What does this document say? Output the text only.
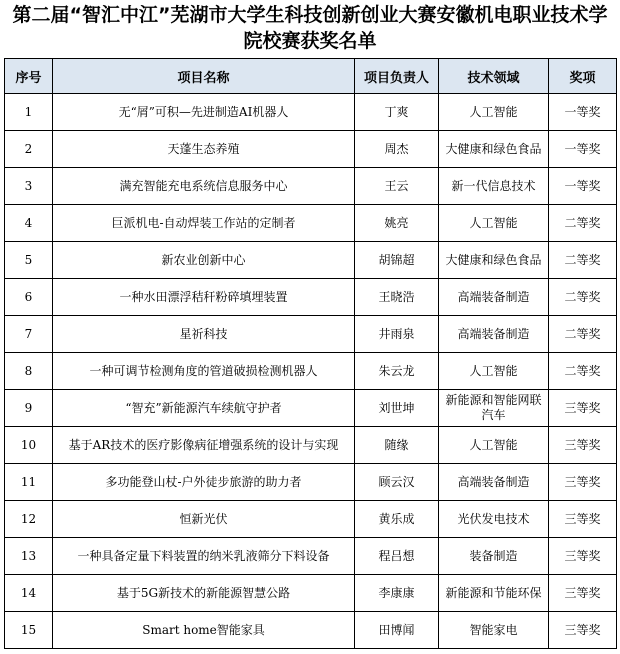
第二届“智汇中江”芜湖市大学生科技创新创业大赛安徽机电职业技术学院校赛获奖名单
序号	项目名称	项目负责人	技术领域	奖项
1	无“屑”可积—先进制造AI机器人	丁爽	人工智能	一等奖
2	天蓬生态养殖	周杰	大健康和绿色食品	一等奖
3	满充智能充电系统信息服务中心	王云	新一代信息技术	一等奖
4	巨派机电-自动焊装工作站的定制者	姚亮	人工智能	二等奖
5	新农业创新中心	胡锦超	大健康和绿色食品	二等奖
6	一种水田漂浮秸秆粉碎填埋装置	王晓浩	高端装备制造	二等奖
7	星祈科技	井雨泉	高端装备制造	二等奖
8	一种可调节检测角度的管道破损检测机器人	朱云龙	人工智能	二等奖
9	“智充”新能源汽车续航守护者	刘世坤	新能源和智能网联汽车	三等奖
10	基于AR技术的医疗影像病征增强系统的设计与实现	随缘	人工智能	三等奖
11	多功能登山杖-户外徒步旅游的助力者	顾云汉	高端装备制造	三等奖
12	恒新光伏	黄乐成	光伏发电技术	三等奖
13	一种具备定量下料装置的纳米乳液筛分下料设备	程吕想	装备制造	三等奖
14	基于5G新技术的新能源智慧公路	李康康	新能源和节能环保	三等奖
15	Smart home智能家具	田博闻	智能家电	三等奖
